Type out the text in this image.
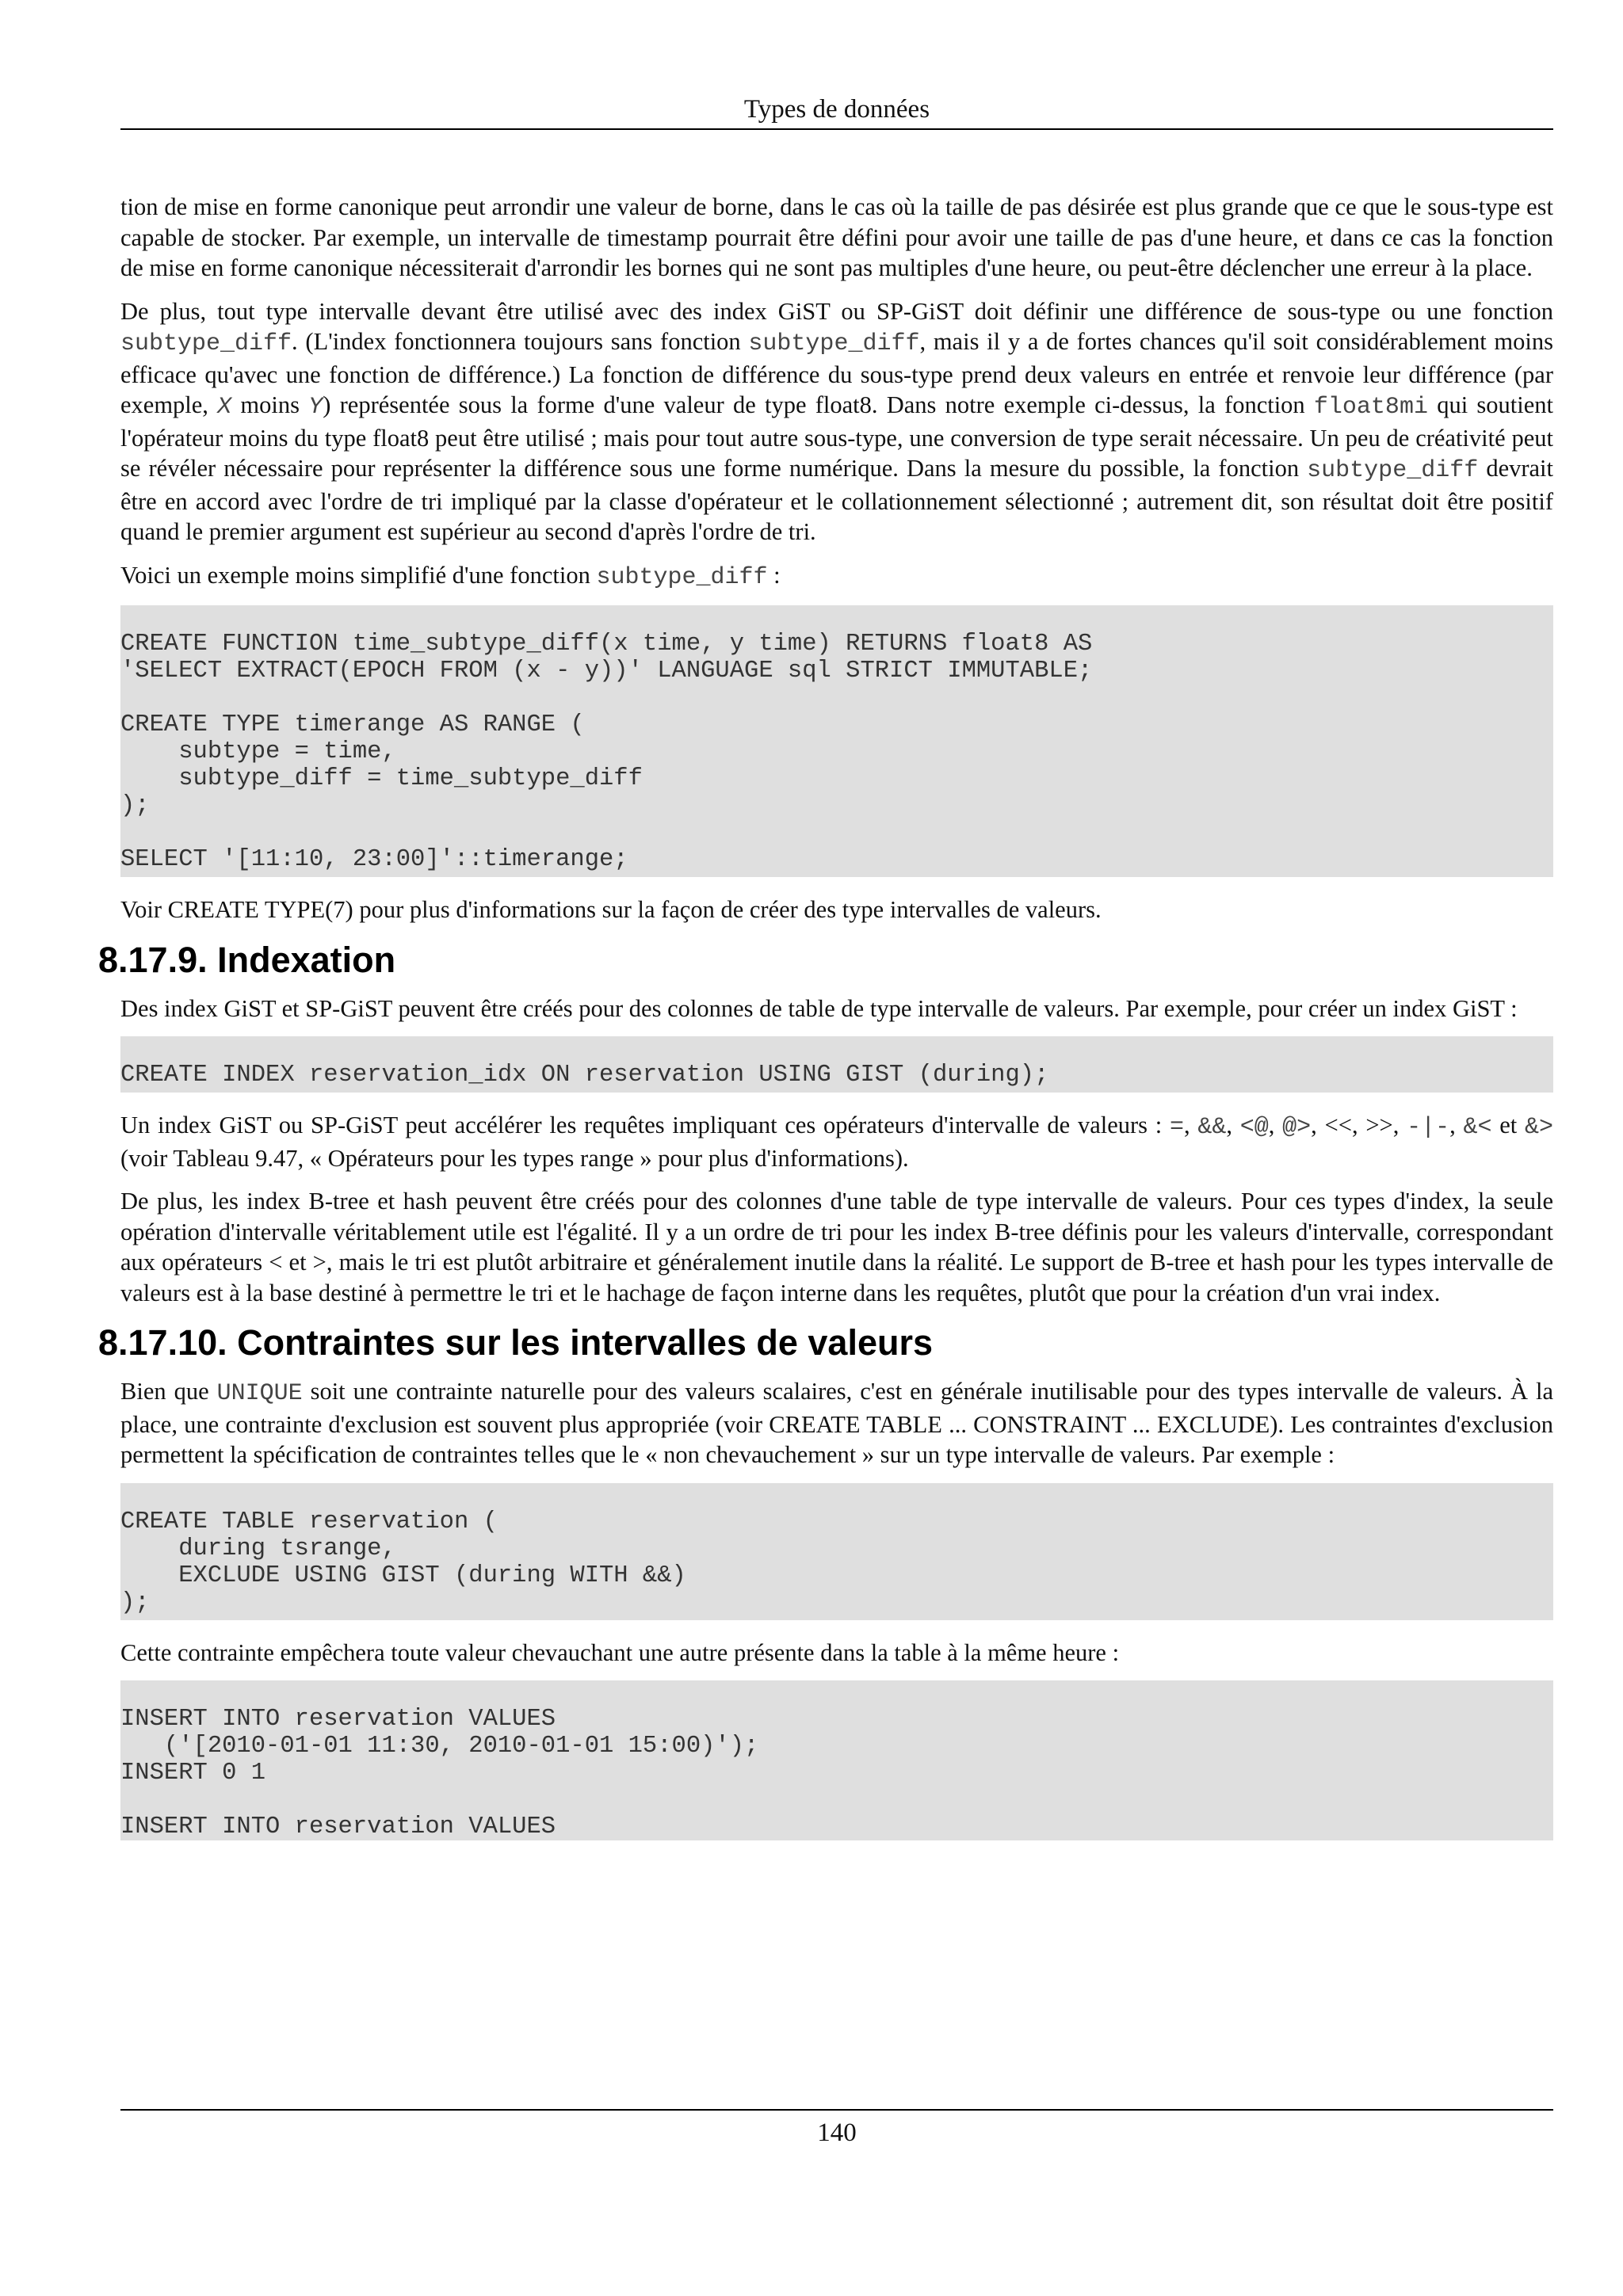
Types de données

tion de mise en forme canonique peut arrondir une valeur de borne, dans le cas où la taille de pas désirée est plus grande que ce que le sous-type est capable de stocker. Par exemple, un intervalle de timestamp pourrait être défini pour avoir une taille de pas d'une heure, et dans ce cas la fonction de mise en forme canonique nécessiterait d'arrondir les bornes qui ne sont pas multiples d'une heure, ou peut-être déclencher une erreur à la place.

De plus, tout type intervalle devant être utilisé avec des index GiST ou SP-GiST doit définir une différence de sous-type ou une fonction subtype_diff. (L'index fonctionnera toujours sans fonction subtype_diff, mais il y a de fortes chances qu'il soit considérablement moins efficace qu'avec une fonction de différence.) La fonction de différence du sous-type prend deux valeurs en entrée et renvoie leur différence (par exemple, X moins Y) représentée sous la forme d'une valeur de type float8. Dans notre exemple ci-dessus, la fonction float8mi qui soutient l'opérateur moins du type float8 peut être utilisé ; mais pour tout autre sous-type, une conversion de type serait nécessaire. Un peu de créativité peut se révéler nécessaire pour représenter la différence sous une forme numérique. Dans la mesure du possible, la fonction subtype_diff devrait être en accord avec l'ordre de tri impliqué par la classe d'opérateur et le collationnement sélectionné ; autrement dit, son résultat doit être positif quand le premier argument est supérieur au second d'après l'ordre de tri.

Voici un exemple moins simplifié d'une fonction subtype_diff :

CREATE FUNCTION time_subtype_diff(x time, y time) RETURNS float8 AS
'SELECT EXTRACT(EPOCH FROM (x - y))' LANGUAGE sql STRICT IMMUTABLE;

CREATE TYPE timerange AS RANGE (
subtype = time,
subtype_diff = time_subtype_diff
);

SELECT '[11:10, 23:00]'::timerange;

Voir CREATE TYPE(7) pour plus d'informations sur la façon de créer des type intervalles de valeurs.

8.17.9. Indexation

Des index GiST et SP-GiST peuvent être créés pour des colonnes de table de type intervalle de valeurs. Par exemple, pour créer un index GiST :

CREATE INDEX reservation_idx ON reservation USING GIST (during);

Un index GiST ou SP-GiST peut accélérer les requêtes impliquant ces opérateurs d'intervalle de valeurs : =, &&, <@, @>, <<, >>, -|-, &< et &> (voir Tableau 9.47, « Opérateurs pour les types range » pour plus d'informations).

De plus, les index B-tree et hash peuvent être créés pour des colonnes d'une table de type intervalle de valeurs. Pour ces types d'index, la seule opération d'intervalle véritablement utile est l'égalité. Il y a un ordre de tri pour les index B-tree définis pour les valeurs d'intervalle, correspondant aux opérateurs < et >, mais le tri est plutôt arbitraire et généralement inutile dans la réalité. Le support de B-tree et hash pour les types intervalle de valeurs est à la base destiné à permettre le tri et le hachage de façon interne dans les requêtes, plutôt que pour la création d'un vrai index.

8.17.10. Contraintes sur les intervalles de valeurs

Bien que UNIQUE soit une contrainte naturelle pour des valeurs scalaires, c'est en générale inutilisable pour des types intervalle de valeurs. À la place, une contrainte d'exclusion est souvent plus appropriée (voir CREATE TABLE ... CONSTRAINT ... EXCLUDE). Les contraintes d'exclusion permettent la spécification de contraintes telles que le « non chevauchement » sur un type intervalle de valeurs. Par exemple :

CREATE TABLE reservation (
during tsrange,
EXCLUDE USING GIST (during WITH &&)
);

Cette contrainte empêchera toute valeur chevauchant une autre présente dans la table à la même heure :

INSERT INTO reservation VALUES
('[2010-01-01 11:30, 2010-01-01 15:00)');
INSERT 0 1

INSERT INTO reservation VALUES
140
